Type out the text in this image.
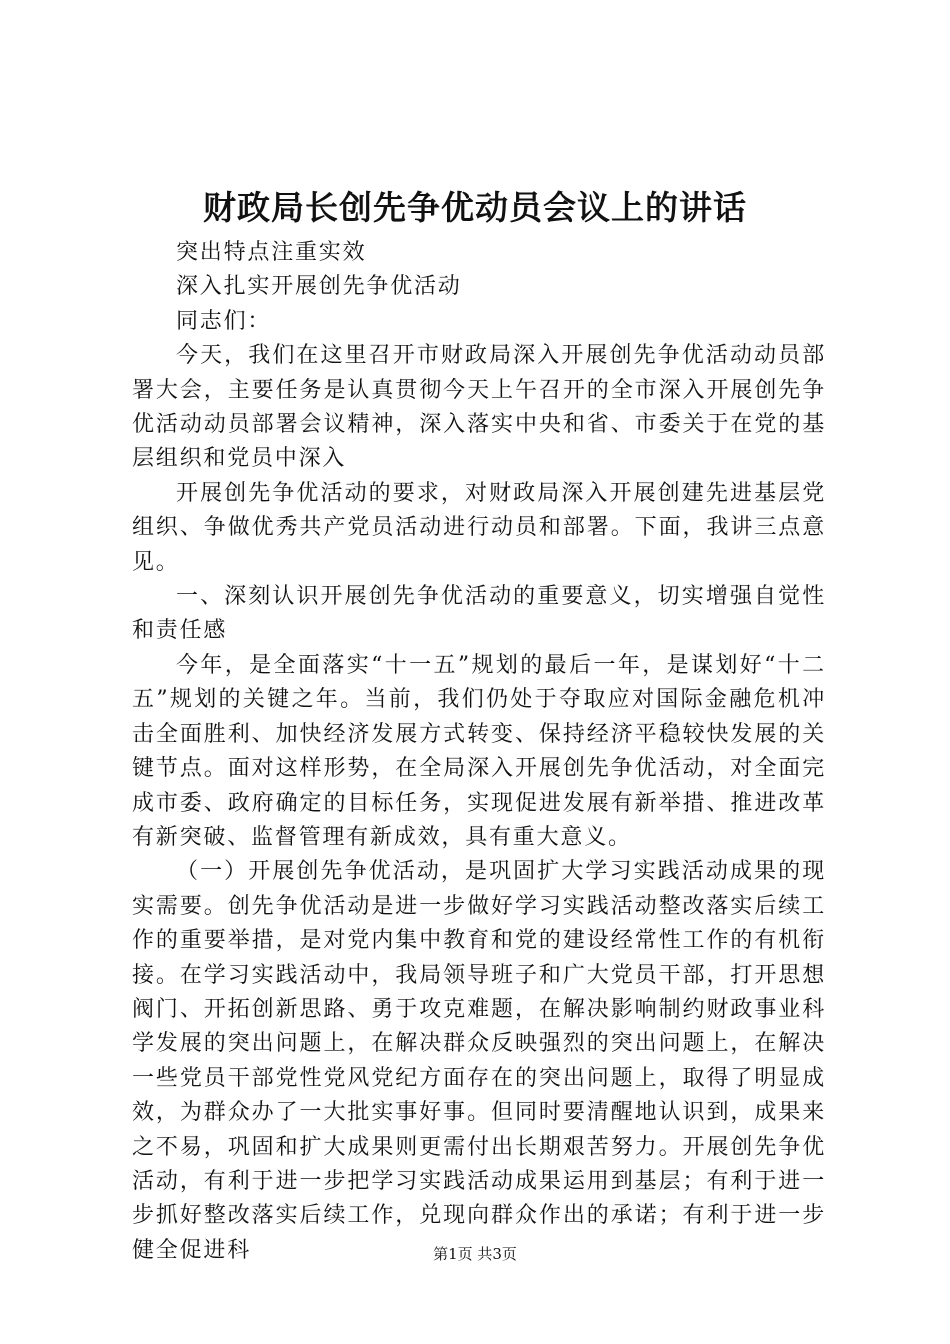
财政局长创先争优动员会议上的讲话

突出特点注重实效

深入扎实开展创先争优活动

同志们：

今天，我们在这里召开市财政局深入开展创先争优活动动员部署大会，主要任务是认真贯彻今天上午召开的全市深入开展创先争优活动动员部署会议精神，深入落实中央和省、市委关于在党的基层组织和党员中深入

开展创先争优活动的要求，对财政局深入开展创建先进基层党组织、争做优秀共产党员活动进行动员和部署。下面，我讲三点意见。

一、深刻认识开展创先争优活动的重要意义，切实增强自觉性和责任感

今年，是全面落实“十一五”规划的最后一年，是谋划好“十二五”规划的关键之年。当前，我们仍处于夺取应对国际金融危机冲击全面胜利、加快经济发展方式转变、保持经济平稳较快发展的关键节点。面对这样形势，在全局深入开展创先争优活动，对全面完成市委、政府确定的目标任务，实现促进发展有新举措、推进改革有新突破、监督管理有新成效，具有重大意义。

（一）开展创先争优活动，是巩固扩大学习实践活动成果的现实需要。创先争优活动是进一步做好学习实践活动整改落实后续工作的重要举措，是对党内集中教育和党的建设经常性工作的有机衔接。在学习实践活动中，我局领导班子和广大党员干部，打开思想阀门、开拓创新思路、勇于攻克难题，在解决影响制约财政事业科学发展的突出问题上，在解决群众反映强烈的突出问题上，在解决一些党员干部党性党风党纪方面存在的突出问题上，取得了明显成效，为群众办了一大批实事好事。但同时要清醒地认识到，成果来之不易，巩固和扩大成果则更需付出长期艰苦努力。开展创先争优活动，有利于进一步把学习实践活动成果运用到基层；有利于进一步抓好整改落实后续工作，兑现向群众作出的承诺；有利于进一步健全促进科	第1页 共3页
